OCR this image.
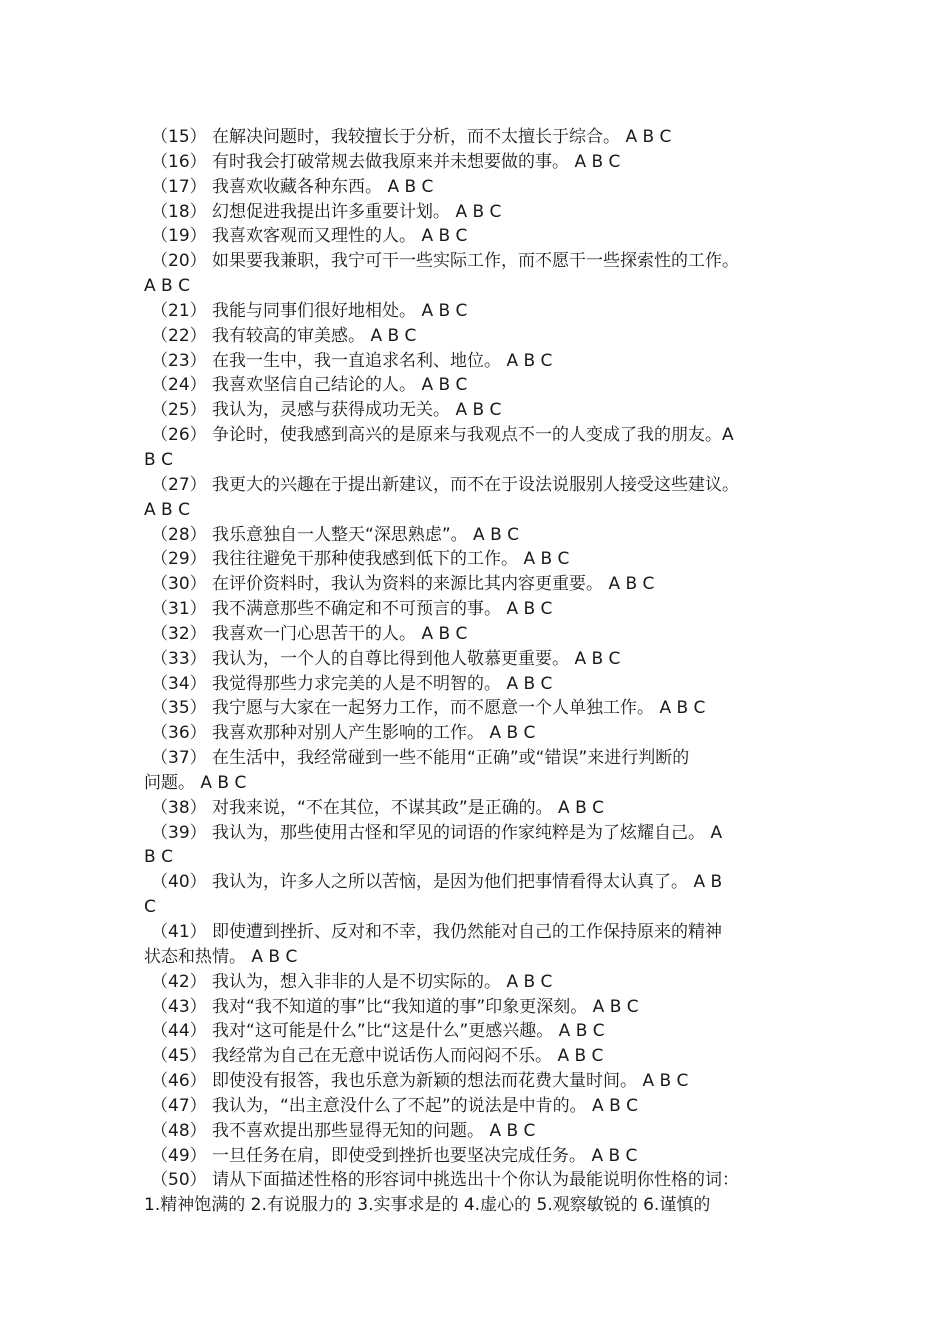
（15） 在解决问题时，我较擅长于分析，而不太擅长于综合。 A B C
（16） 有时我会打破常规去做我原来并未想要做的事。 A B C
（17） 我喜欢收藏各种东西。 A B C
（18） 幻想促进我提出许多重要计划。 A B C
（19） 我喜欢客观而又理性的人。 A B C
（20） 如果要我兼职，我宁可干一些实际工作，而不愿干一些探索性的工作。
A B C
（21） 我能与同事们很好地相处。 A B C
（22） 我有较高的审美感。 A B C
（23） 在我一生中，我一直追求名利、地位。 A B C
（24） 我喜欢坚信自己结论的人。 A B C
（25） 我认为，灵感与获得成功无关。 A B C
（26） 争论时，使我感到高兴的是原来与我观点不一的人变成了我的朋友。A
B C
（27） 我更大的兴趣在于提出新建议，而不在于设法说服别人接受这些建议。
A B C
（28） 我乐意独自一人整天“深思熟虑”。 A B C
（29） 我往往避免干那种使我感到低下的工作。 A B C
（30） 在评价资料时，我认为资料的来源比其内容更重要。 A B C
（31） 我不满意那些不确定和不可预言的事。 A B C
（32） 我喜欢一门心思苦干的人。 A B C
（33） 我认为，一个人的自尊比得到他人敬慕更重要。 A B C
（34） 我觉得那些力求完美的人是不明智的。 A B C
（35） 我宁愿与大家在一起努力工作，而不愿意一个人单独工作。 A B C
（36） 我喜欢那种对别人产生影响的工作。 A B C
（37） 在生活中，我经常碰到一些不能用“正确”或“错误”来进行判断的
问题。 A B C
（38） 对我来说，“不在其位，不谋其政”是正确的。 A B C
（39） 我认为，那些使用古怪和罕见的词语的作家纯粹是为了炫耀自己。 A
B C
（40） 我认为，许多人之所以苦恼，是因为他们把事情看得太认真了。 A B
C
（41） 即使遭到挫折、反对和不幸，我仍然能对自己的工作保持原来的精神
状态和热情。 A B C
（42） 我认为，想入非非的人是不切实际的。 A B C
（43） 我对“我不知道的事”比“我知道的事”印象更深刻。 A B C
（44） 我对“这可能是什么”比“这是什么”更感兴趣。 A B C
（45） 我经常为自己在无意中说话伤人而闷闷不乐。 A B C
（46） 即使没有报答，我也乐意为新颖的想法而花费大量时间。 A B C
（47） 我认为，“出主意没什么了不起”的说法是中肯的。 A B C
（48） 我不喜欢提出那些显得无知的问题。 A B C
（49） 一旦任务在肩，即使受到挫折也要坚决完成任务。 A B C
（50） 请从下面描述性格的形容词中挑选出十个你认为最能说明你性格的词：
1.精神饱满的 2.有说服力的 3.实事求是的 4.虚心的 5.观察敏锐的 6.谨慎的
